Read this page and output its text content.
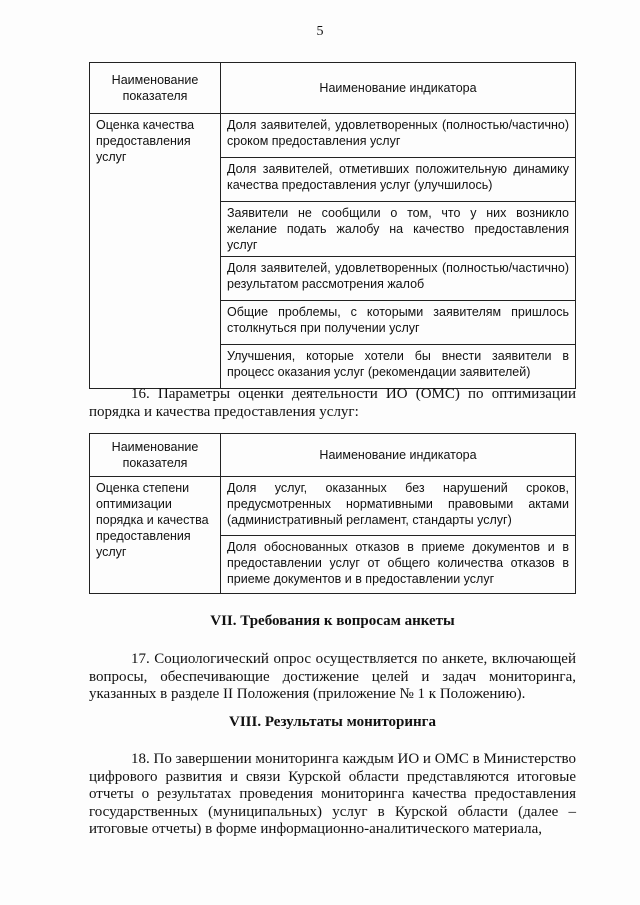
5
Наименование показателя	Наименование индикатора
Оценка качества предоставления услуг	Доля заявителей, удовлетворенных (полностью/частично) сроком предоставления услуг
	Доля заявителей, отметивших положительную динамику качества предоставления услуг (улучшилось)
	Заявители не сообщили о том, что у них возникло желание подать жалобу на качество предоставления услуг
	Доля заявителей, удовлетворенных (полностью/частично) результатом рассмотрения жалоб
	Общие проблемы, с которыми заявителям пришлось столкнуться при получении услуг
	Улучшения, которые хотели бы внести заявители в процесс оказания услуг (рекомендации заявителей)

16. Параметры оценки деятельности ИО (ОМС) по оптимизации порядка и качества предоставления услуг:

Наименование показателя	Наименование индикатора
Оценка степени оптимизации порядка и качества предоставления услуг	Доля услуг, оказанных без нарушений сроков, предусмотренных нормативными правовыми актами (административный регламент, стандарты услуг)
	Доля обоснованных отказов в приеме документов и в предоставлении услуг от общего количества отказов в приеме документов и в предоставлении услуг
VII. Требования к вопросам анкеты

17. Социологический опрос осуществляется по анкете, включающей вопросы, обеспечивающие достижение целей и задач мониторинга, указанных в разделе II Положения (приложение № 1 к Положению).

VIII. Результаты мониторинга

18. По завершении мониторинга каждым ИО и ОМС в Министерство цифрового развития и связи Курской области представляются итоговые отчеты о результатах проведения мониторинга качества предоставления государственных (муниципальных) услуг в Курской области (далее – итоговые отчеты) в форме информационно-аналитического материала,
